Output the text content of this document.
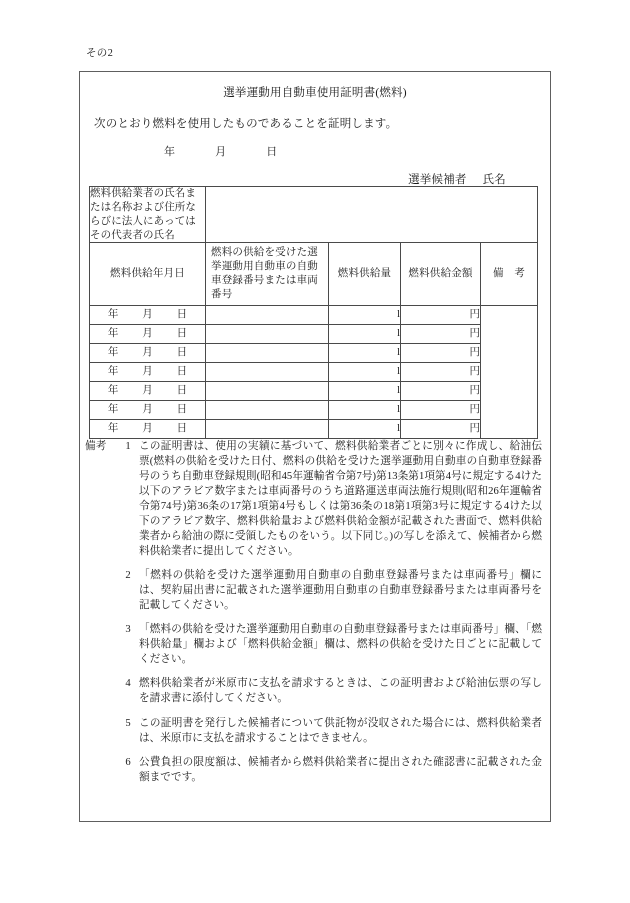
その2
選挙運動用自動車使用証明書(燃料)
次のとおり燃料を使用したものであることを証明します。
年	月	日
選挙候補者 氏名
燃料供給業者の氏名または名称および住所ならびに法人にあってはその代表者の氏名				
燃料供給年月日	燃料の供給を受けた選挙運動用自動車の自動車登録番号または車両番号	燃料供給量	燃料供給金額	備　考

年 月 日		l	円	

年 月 日		l	円	

年 月 日		l	円	

年 月 日		l	円	

年 月 日		l	円	

年 月 日		l	円	

年 月 日		l	円	
備考	1 この証明書は、使用の実績に基づいて、燃料供給業者ごとに別々に作成し、給油伝票(燃料の供給を受けた日付、燃料の供給を受けた選挙運動用自動車の自動車登録番号のうち自動車登録規則(昭和45年運輸省令第7号)第13条第1項第4号に規定する4けた以下のアラビア数字または車両番号のうち道路運送車両法施行規則(昭和26年運輸省令第74号)第36条の17第1項第4号もしくは第36条の18第1項第3号に規定する4けた以下のアラビア数字、燃料供給量および燃料供給金額が記載された書面で、燃料供給業者から給油の際に受領したものをいう。以下同じ。)の写しを添えて、候補者から燃料供給業者に提出してください。
2 「燃料の供給を受けた選挙運動用自動車の自動車登録番号または車両番号」欄には、契約届出書に記載された選挙運動用自動車の自動車登録番号または車両番号を記載してください。
3 「燃料の供給を受けた選挙運動用自動車の自動車登録番号または車両番号」欄、「燃料供給量」欄および「燃料供給金額」欄は、燃料の供給を受けた日ごとに記載してください。
4 燃料供給業者が米原市に支払を請求するときは、この証明書および給油伝票の写しを請求書に添付してください。
5 この証明書を発行した候補者について供託物が没収された場合には、燃料供給業者は、米原市に支払を請求することはできません。
6 公費負担の限度額は、候補者から燃料供給業者に提出された確認書に記載された金額までです。
